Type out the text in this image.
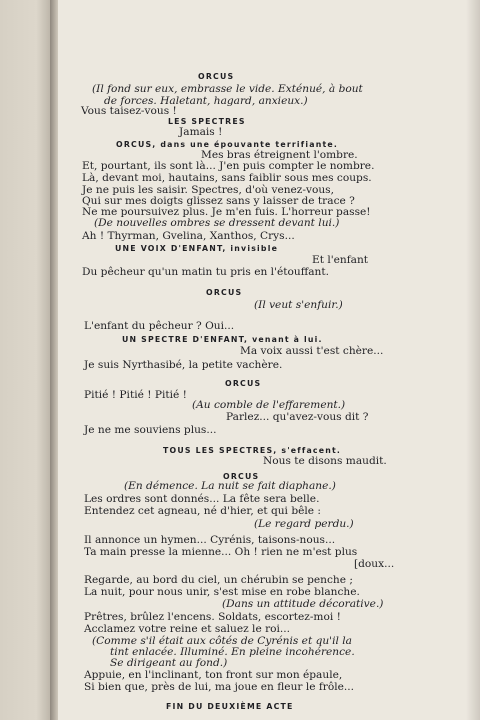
ORCUS
(Il fond sur eux, embrasse le vide. Exténué, à bout
de forces. Haletant, hagard, anxieux.)
Vous taisez-vous !
LES SPECTRES
Jamais !
ORCUS, dans une épouvante terrifiante.
Mes bras étreignent l'ombre.
Et, pourtant, ils sont là... J'en puis compter le nombre.
Là, devant moi, hautains, sans faiblir sous mes coups.
Je ne puis les saisir. Spectres, d'où venez-vous,
Qui sur mes doigts glissez sans y laisser de trace ?
Ne me poursuivez plus. Je m'en fuis. L'horreur passe!
(De nouvelles ombres se dressent devant lui.)
Ah ! Thyrman, Gvelina, Xanthos, Crys...
UNE VOIX D'ENFANT, invisible
Et l'enfant
Du pêcheur qu'un matin tu pris en l'étouffant.
ORCUS
(Il veut s'enfuir.)
L'enfant du pêcheur ? Oui...
UN SPECTRE D'ENFANT, venant à lui.
Ma voix aussi t'est chère...
Je suis Nyrthasibé, la petite vachère.
ORCUS
Pitié ! Pitié ! Pitié !
(Au comble de l'effarement.)
Parlez... qu'avez-vous dit ?
Je ne me souviens plus...
TOUS LES SPECTRES, s'effacent.
Nous te disons maudit.
ORCUS
(En démence. La nuit se fait diaphane.)
Les ordres sont donnés... La fête sera belle.
Entendez cet agneau, né d'hier, et qui bêle :
(Le regard perdu.)
Il annonce un hymen... Cyrénis, taisons-nous...
Ta main presse la mienne... Oh ! rien ne m'est plus
[doux...
Regarde, au bord du ciel, un chérubin se penche ;
La nuit, pour nous unir, s'est mise en robe blanche.
(Dans un attitude décorative.)
Prêtres, brûlez l'encens. Soldats, escortez-moi !
Acclamez votre reine et saluez le roi...
(Comme s'il était aux côtés de Cyrénis et qu'il la
tint enlacée. Illuminé. En pleine incohérence.
Se dirigeant au fond.)
Appuie, en l'inclinant, ton front sur mon épaule,
Si bien que, près de lui, ma joue en fleur le frôle...
FIN DU DEUXIÈME ACTE
